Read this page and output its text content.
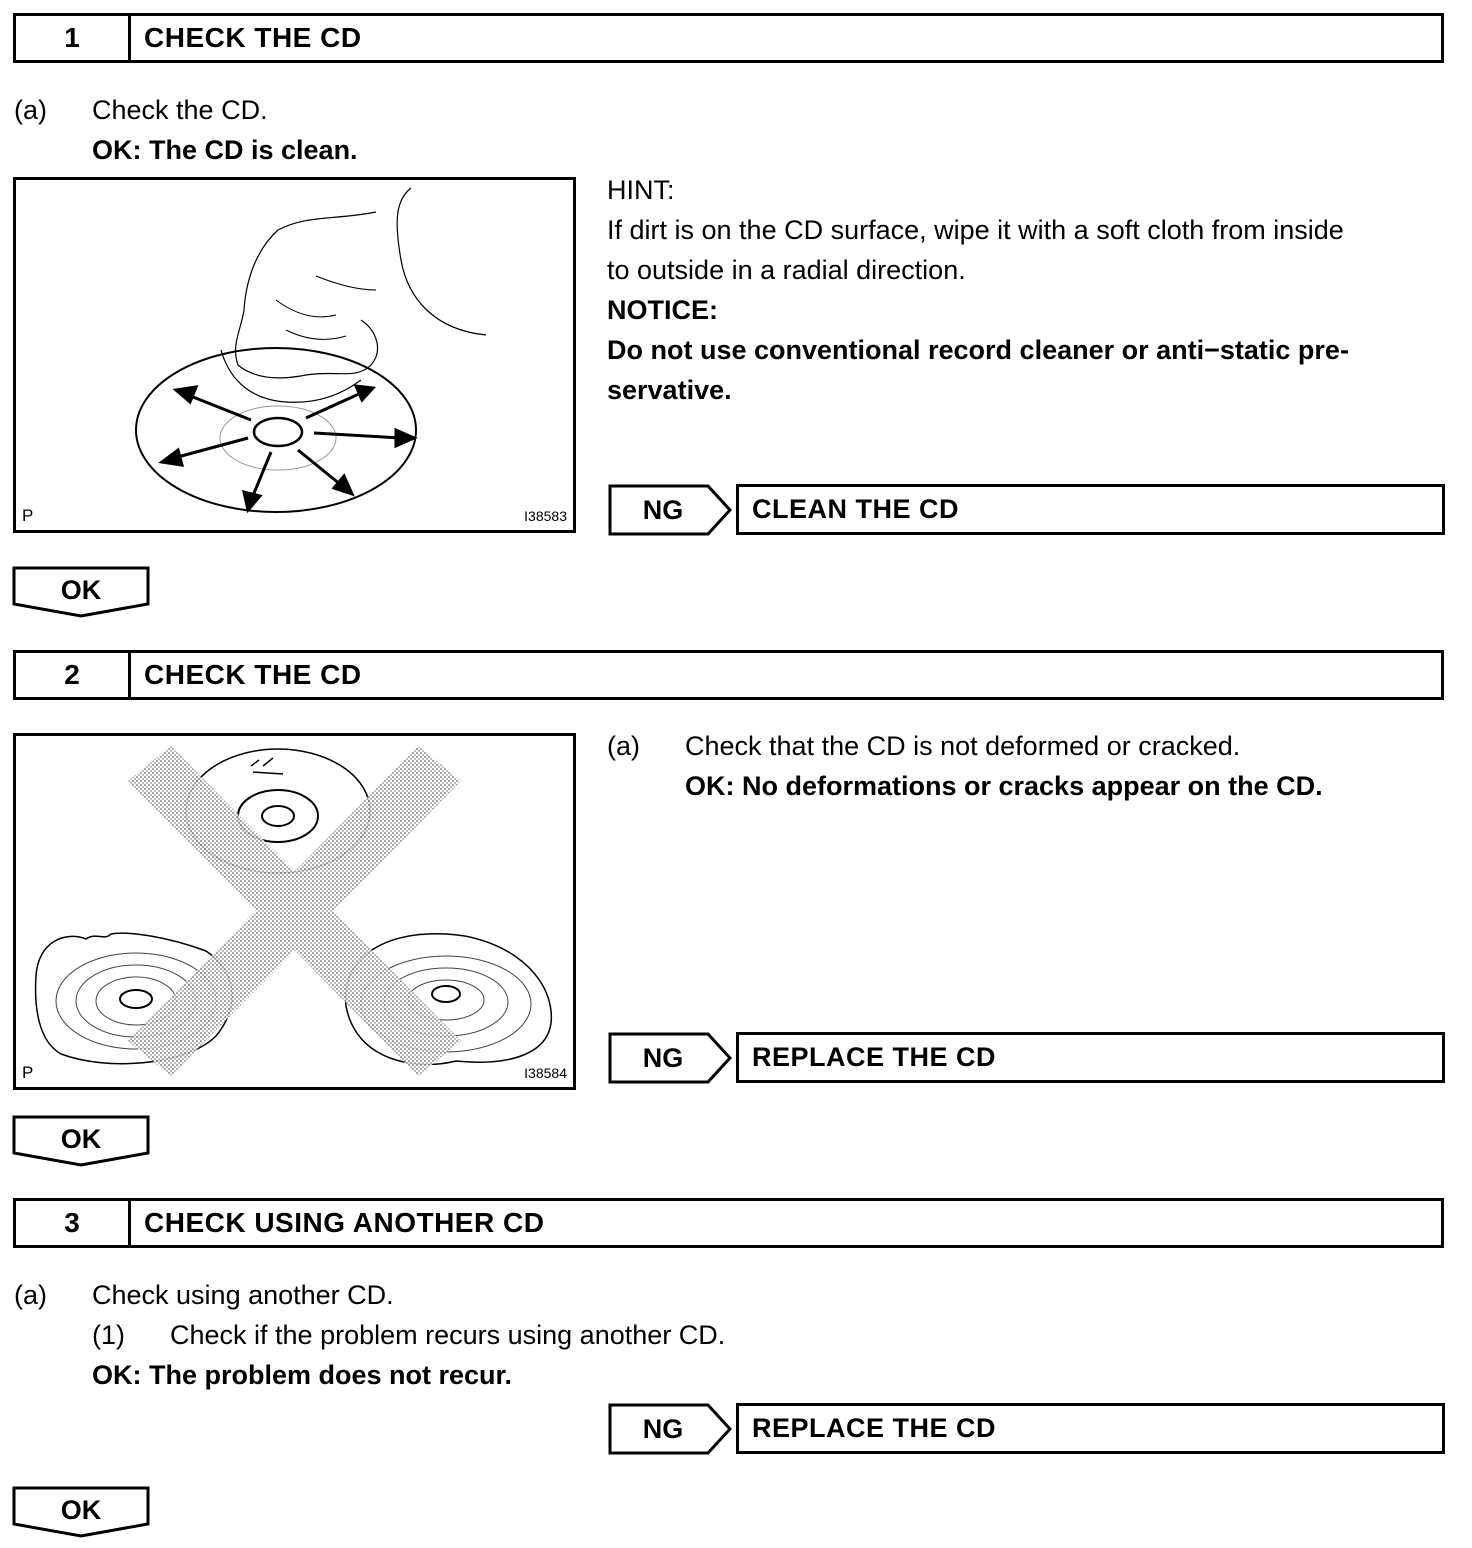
1	CHECK THE CD
(a) Check the CD.
OK: The CD is clean.
P	I38583
HINT:
If dirt is on the CD surface, wipe it with a soft cloth from inside
to outside in a radial direction.
NOTICE:
Do not use conventional record cleaner or anti−static pre-
servative.
NG	CLEAN THE CD
OK
2	CHECK THE CD
P	I38584
(a) Check that the CD is not deformed or cracked.
OK: No deformations or cracks appear on the CD.
NG	REPLACE THE CD
OK
3	CHECK USING ANOTHER CD
(a) Check using another CD.
(1) Check if the problem recurs using another CD.
OK: The problem does not recur.
NG	REPLACE THE CD
OK
